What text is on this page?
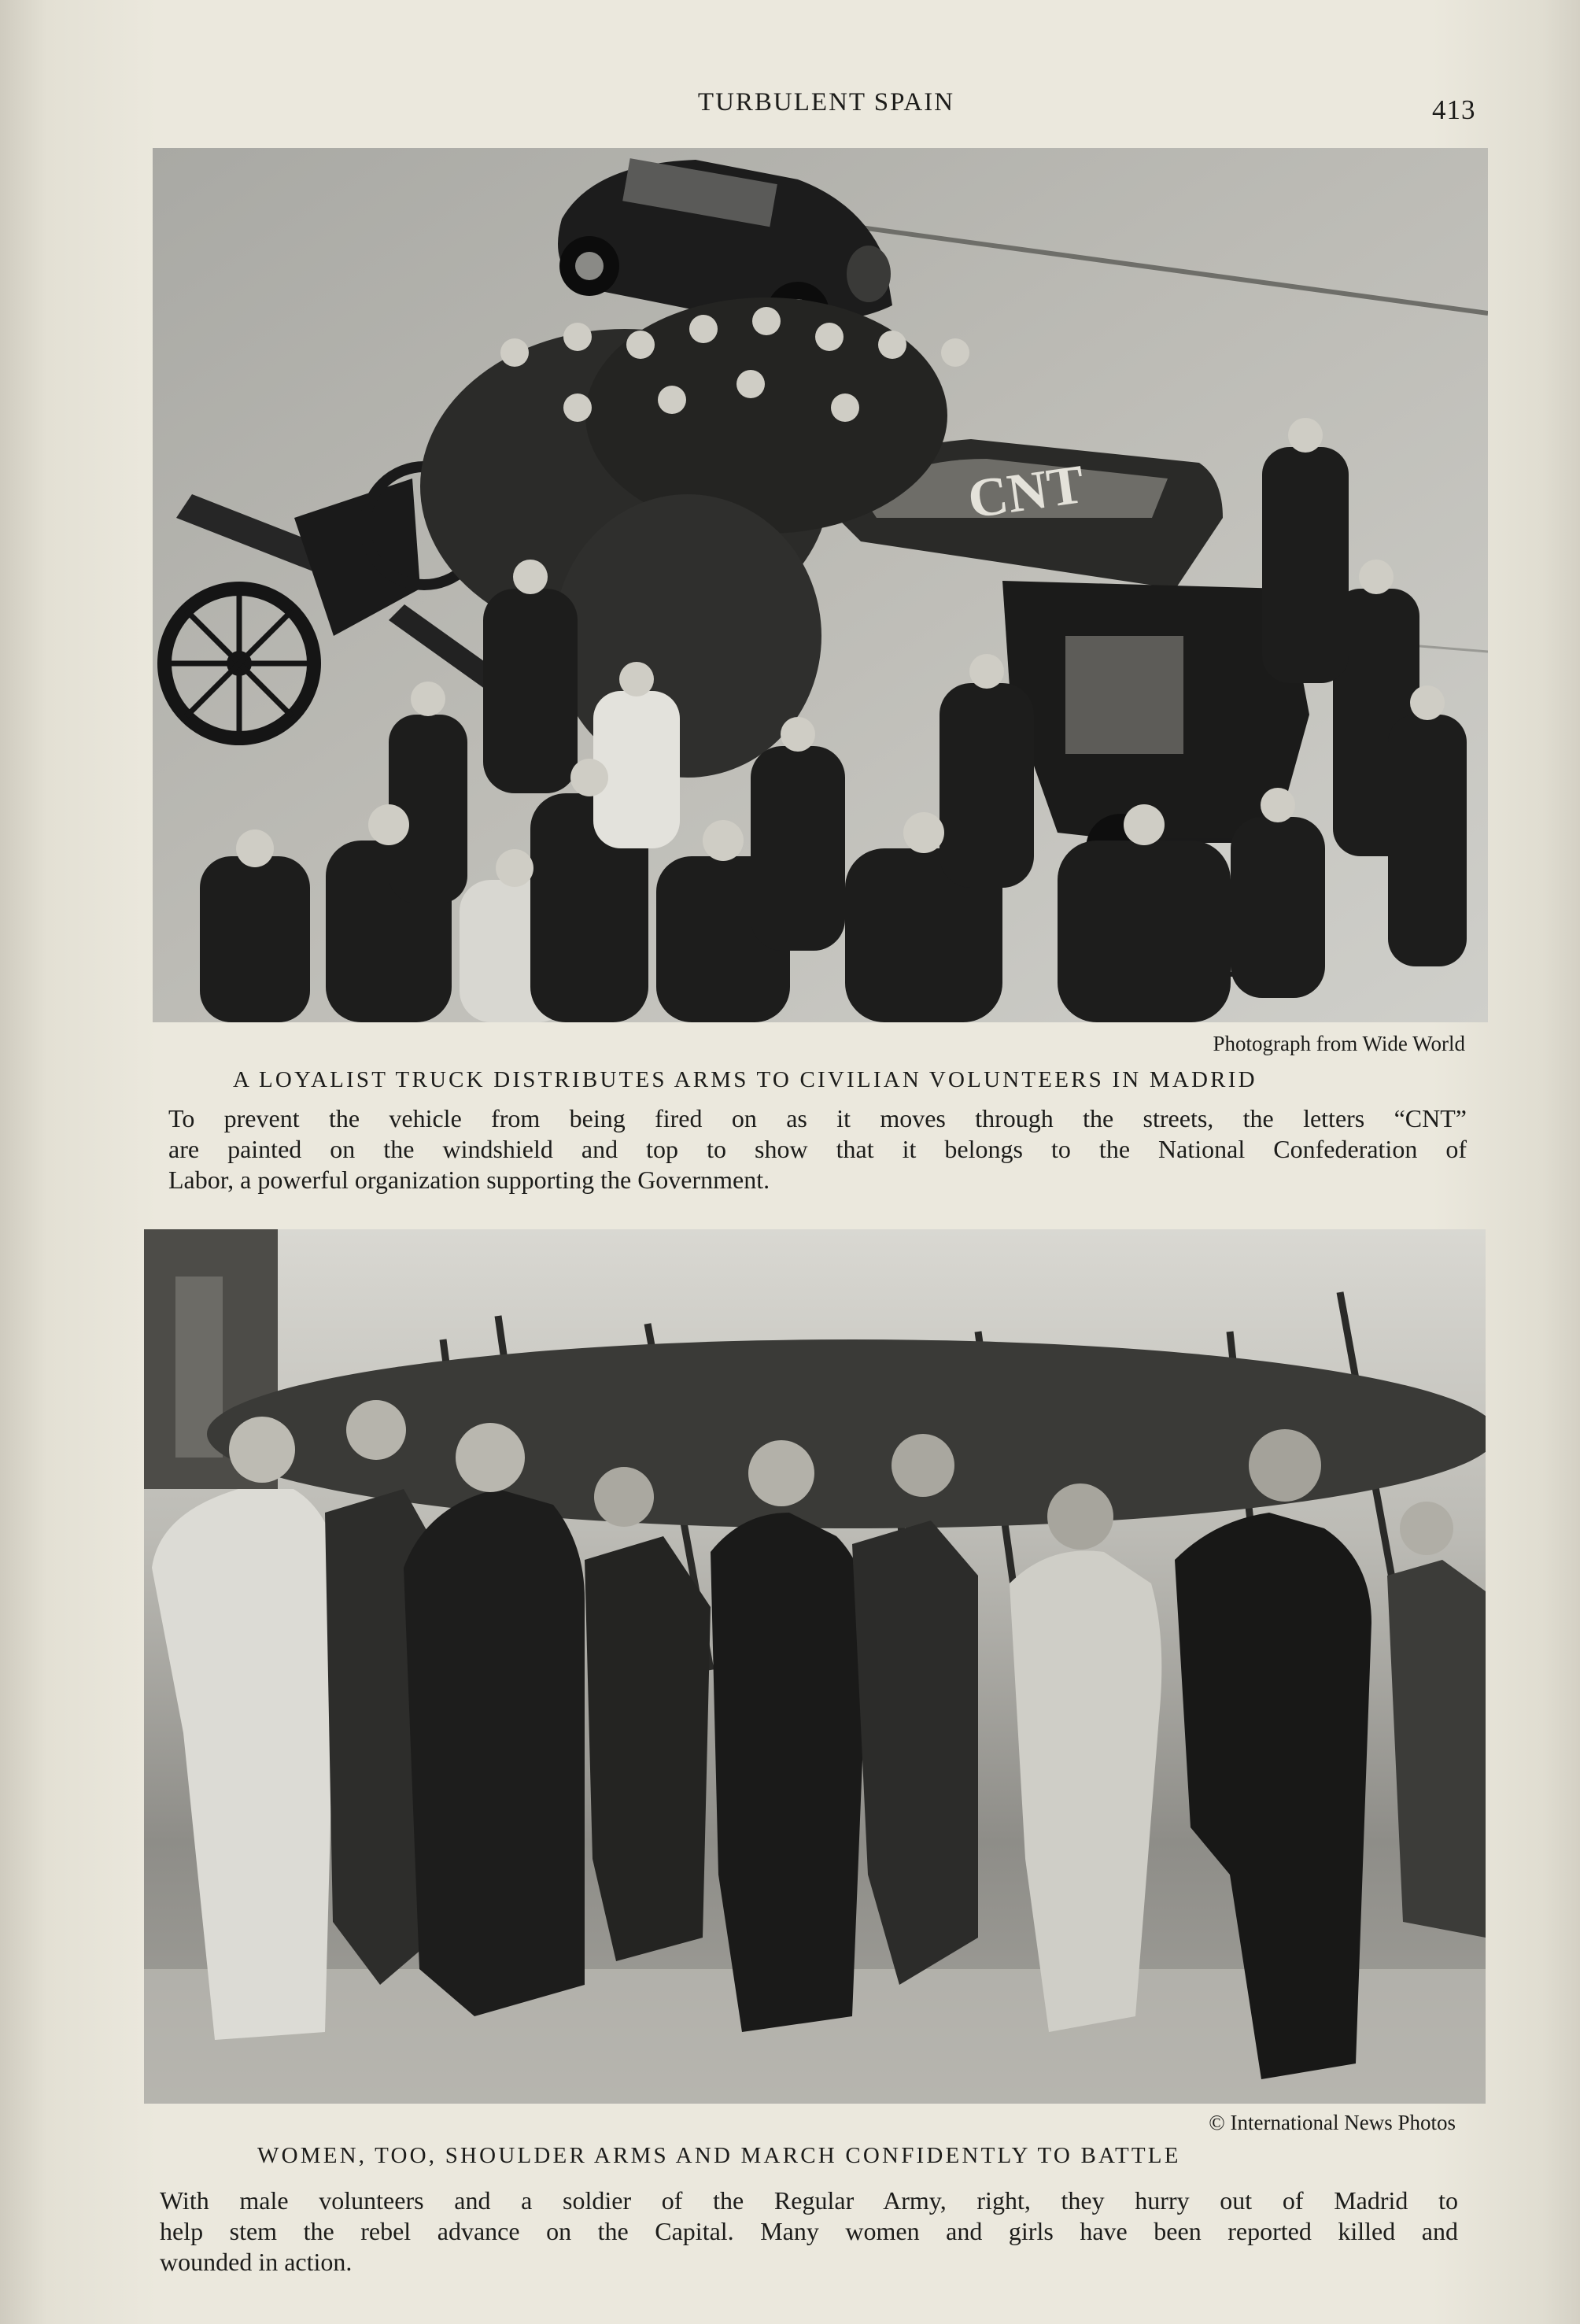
TURBULENT SPAIN	413
CNT
Photograph from Wide World
A LOYALIST TRUCK DISTRIBUTES ARMS TO CIVILIAN VOLUNTEERS IN MADRID
To prevent the vehicle from being fired on as it moves through the streets, the letters “CNT”
are painted on the windshield and top to show that it belongs to the National Confederation of
Labor, a powerful organization supporting the Government.
© International News Photos
WOMEN, TOO, SHOULDER ARMS AND MARCH CONFIDENTLY TO BATTLE
With male volunteers and a soldier of the Regular Army, right, they hurry out of Madrid to
help stem the rebel advance on the Capital. Many women and girls have been reported killed and
wounded in action.
